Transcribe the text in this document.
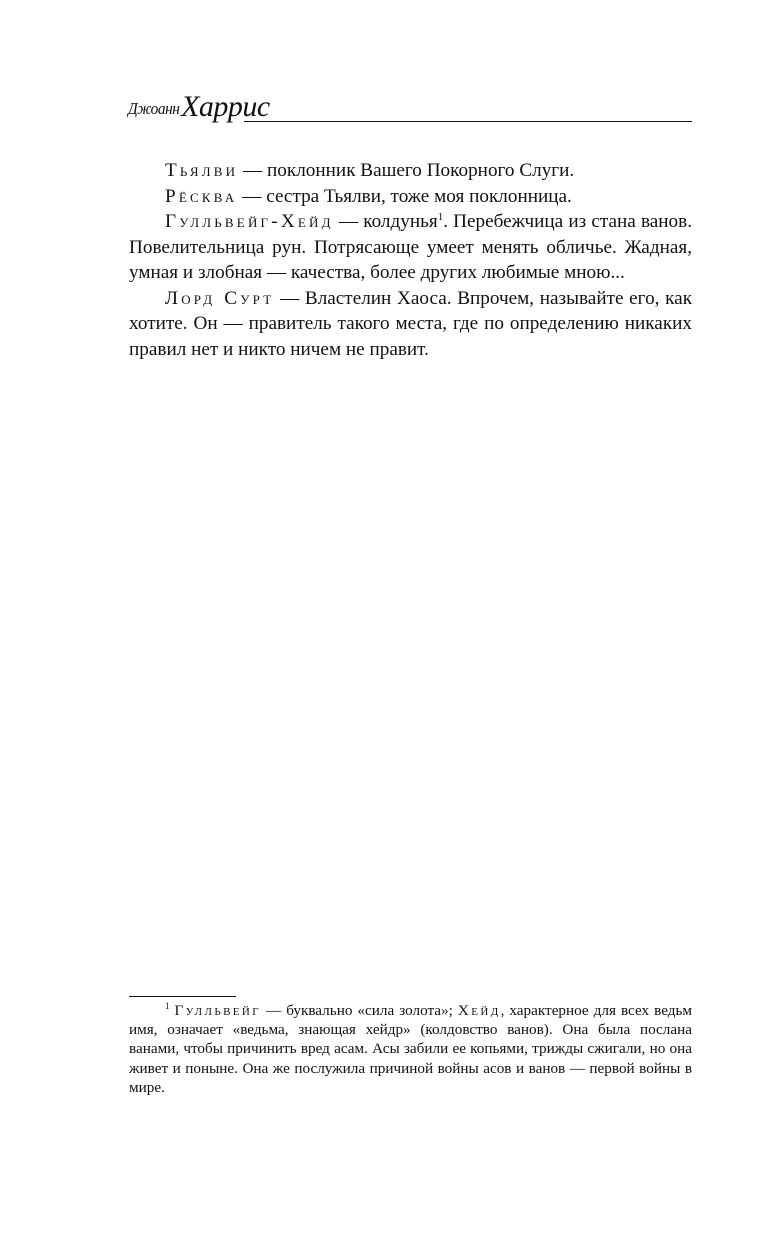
ДжоаннХаррис

Тьялви — поклонник Вашего Покорного Слуги.

Рёсква — сестра Тьялви, тоже моя поклонница.

Гулльвейг-Хейд — колдунья$^1$. Перебежчица из стана ванов. Повелительница рун. Потрясающе умеет менять обличье. Жадная, умная и злобная — качества, более других любимые мною...

Лорд Сурт — Властелин Хаоса. Впрочем, называйте его, как хотите. Он — правитель такого места, где по определению никаких правил нет и никто ничем не правит.

$^1$ Гулльвейг — буквально «сила золота»; Хейд, характерное для всех ведьм имя, означает «ведьма, знающая хейдр» (колдовство ванов). Она была послана ванами, чтобы причинить вред асам. Асы забили ее копьями, трижды сжигали, но она живет и поныне. Она же послужила причиной войны асов и ванов — первой войны в мире.
